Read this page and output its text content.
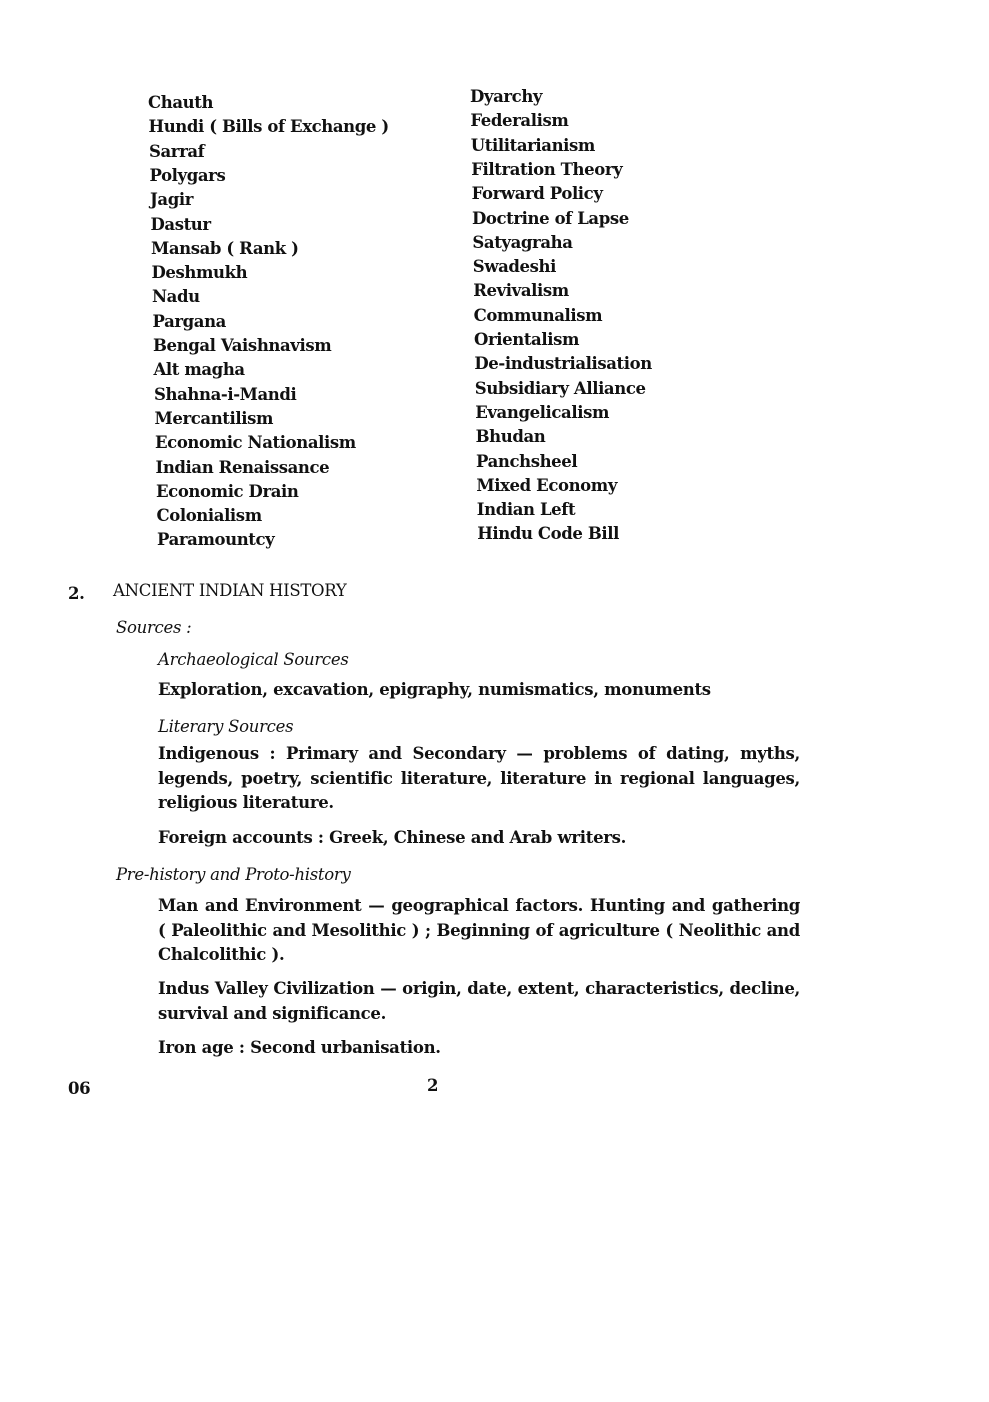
Chauth
Hundi ( Bills of Exchange )
Sarraf
Polygars
Jagir
Dastur
Mansab ( Rank )
Deshmukh
Nadu
Pargana
Bengal Vaishnavism
Alt magha
Shahna-i-Mandi
Mercantilism
Economic Nationalism
Indian Renaissance
Economic Drain
Colonialism
Paramountcy
Dyarchy
Federalism
Utilitarianism
Filtration Theory
Forward Policy
Doctrine of Lapse
Satyagraha
Swadeshi
Revivalism
Communalism
Orientalism
De-industrialisation
Subsidiary Alliance
Evangelicalism
Bhudan
Panchsheel
Mixed Economy
Indian Left
Hindu Code Bill
2. ANCIENT INDIAN HISTORY
Sources :
Archaeological Sources
Exploration, excavation, epigraphy, numismatics, monuments
Literary Sources
Indigenous : Primary and Secondary — problems of dating, myths, legends, poetry, scientific literature, literature in regional languages, religious literature.
Foreign accounts : Greek, Chinese and Arab writers.
Pre-history and Proto-history
Man and Environment — geographical factors. Hunting and gathering ( Paleolithic and Mesolithic ) ; Beginning of agriculture ( Neolithic and Chalcolithic ).
Indus Valley Civilization — origin, date, extent, characteristics, decline, survival and significance.
Iron age : Second urbanisation.
06	2
